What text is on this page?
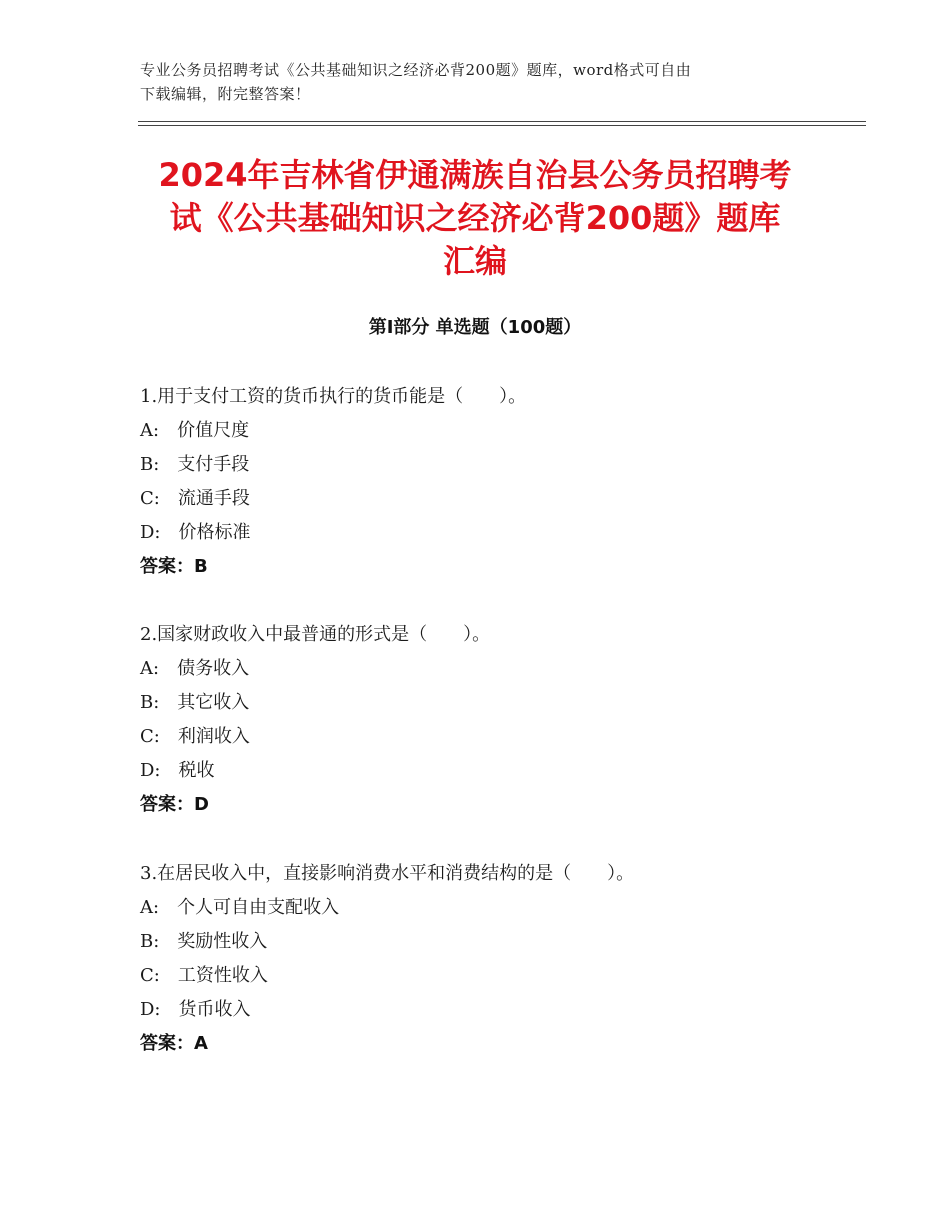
专业公务员招聘考试《公共基础知识之经济必背200题》题库，word格式可自由
下载编辑，附完整答案！
2024年吉林省伊通满族自治县公务员招聘考
试《公共基础知识之经济必背200题》题库
汇编
第I部分 单选题（100题）
1.用于支付工资的货币执行的货币能是（　　）。
A:　价值尺度
B:　支付手段
C:　流通手段
D:　价格标准
答案：B
2.国家财政收入中最普通的形式是（　　）。
A:　债务收入
B:　其它收入
C:　利润收入
D:　税收
答案：D
3.在居民收入中，直接影响消费水平和消费结构的是（　　）。
A:　个人可自由支配收入
B:　奖励性收入
C:　工资性收入
D:　货币收入
答案：A
